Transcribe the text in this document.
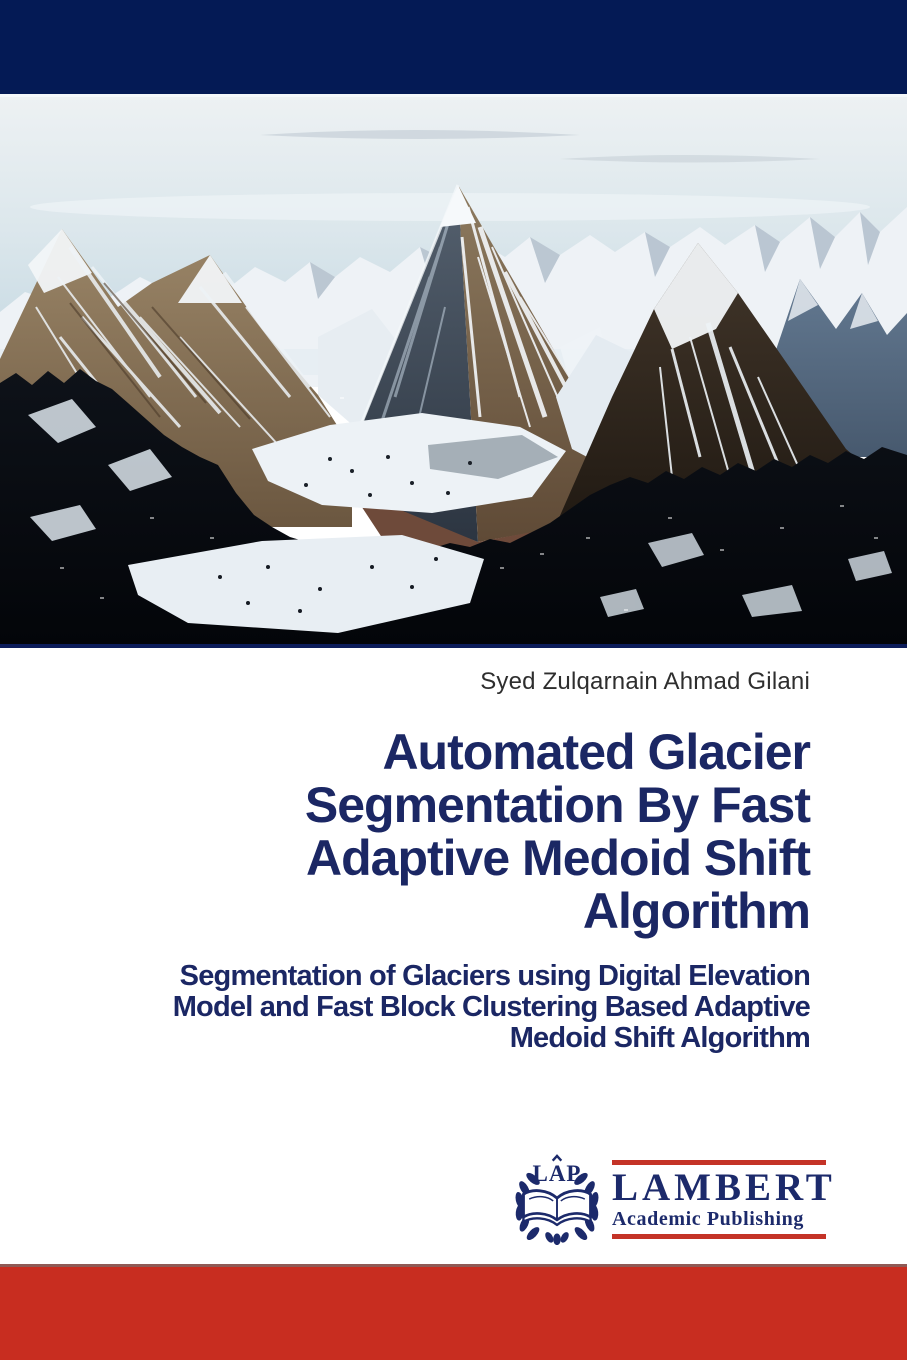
Syed Zulqarnain Ahmad Gilani
Automated Glacier
Segmentation By Fast
Adaptive Medoid Shift
Algorithm
Segmentation of Glaciers using Digital Elevation
Model and Fast Block Clustering Based Adaptive
Medoid Shift Algorithm
LAP LAMBERT
Academic Publishing
